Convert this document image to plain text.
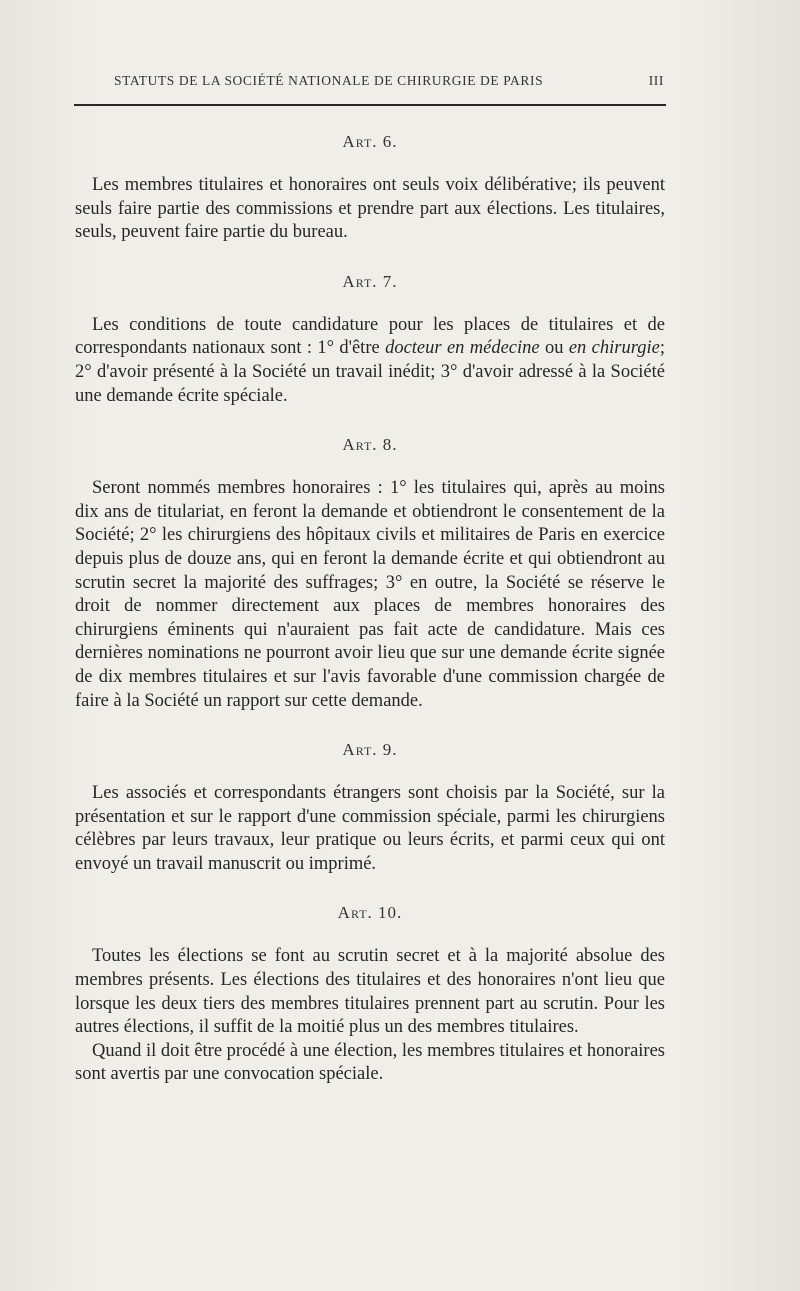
STATUTS DE LA SOCIÉTÉ NATIONALE DE CHIRURGIE DE PARIS	III
Art. 6.

Les membres titulaires et honoraires ont seuls voix délibérative; ils peuvent seuls faire partie des commissions et prendre part aux élections. Les titulaires, seuls, peuvent faire partie du bureau.

Art. 7.

Les conditions de toute candidature pour les places de titulaires et de correspondants nationaux sont : 1° d'être docteur en médecine ou en chirurgie; 2° d'avoir présenté à la Société un travail inédit; 3° d'avoir adressé à la Société une demande écrite spéciale.

Art. 8.

Seront nommés membres honoraires : 1° les titulaires qui, après au moins dix ans de titulariat, en feront la demande et obtiendront le consentement de la Société; 2° les chirurgiens des hôpitaux civils et militaires de Paris en exercice depuis plus de douze ans, qui en feront la demande écrite et qui obtiendront au scrutin secret la majorité des suffrages; 3° en outre, la Société se réserve le droit de nommer directement aux places de membres honoraires des chirurgiens éminents qui n'auraient pas fait acte de candidature. Mais ces dernières nominations ne pourront avoir lieu que sur une demande écrite signée de dix membres titulaires et sur l'avis favorable d'une commission chargée de faire à la Société un rapport sur cette demande.

Art. 9.

Les associés et correspondants étrangers sont choisis par la Société, sur la présentation et sur le rapport d'une commission spéciale, parmi les chirurgiens célèbres par leurs travaux, leur pratique ou leurs écrits, et parmi ceux qui ont envoyé un travail manuscrit ou imprimé.

Art. 10.

Toutes les élections se font au scrutin secret et à la majorité absolue des membres présents. Les élections des titulaires et des honoraires n'ont lieu que lorsque les deux tiers des membres titulaires prennent part au scrutin. Pour les autres élections, il suffit de la moitié plus un des membres titulaires.

Quand il doit être procédé à une élection, les membres titulaires et honoraires sont avertis par une convocation spéciale.
